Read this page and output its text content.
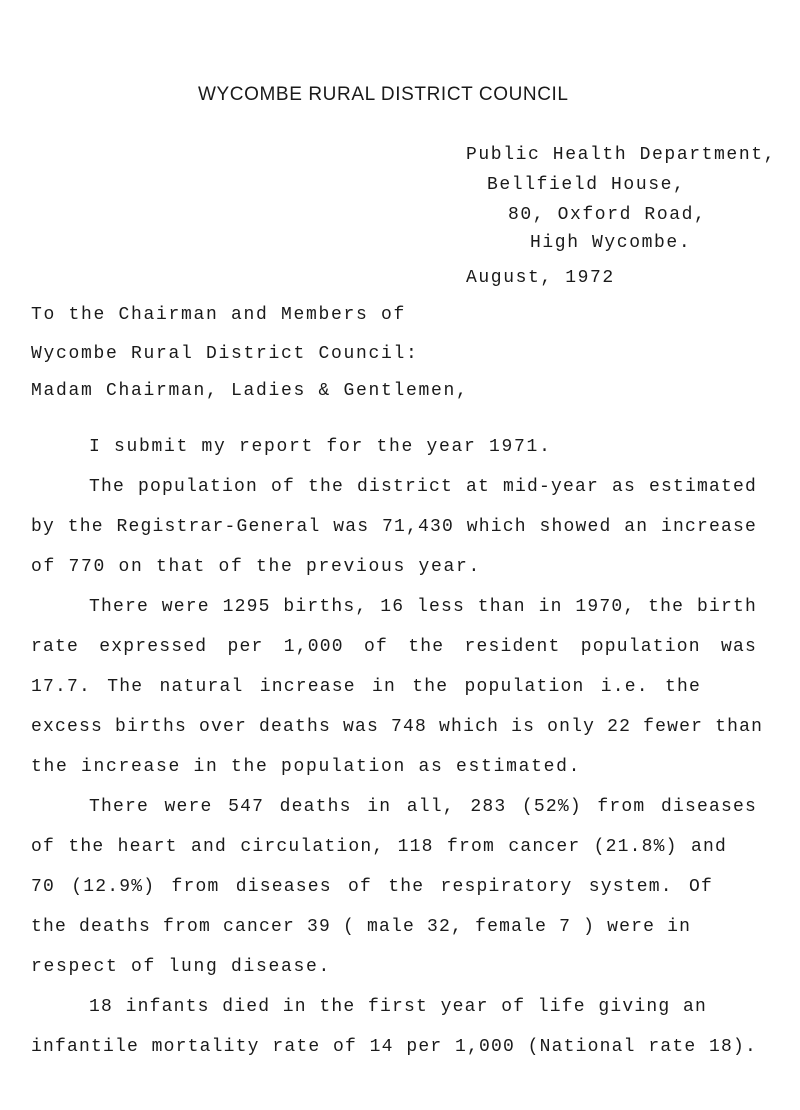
WYCOMBE RURAL DISTRICT COUNCIL
Public Health Department,
Bellfield House,
80, Oxford Road,
High Wycombe.
August, 1972
To the Chairman and Members of
Wycombe Rural District Council:
Madam Chairman, Ladies & Gentlemen,
I submit my report for the year 1971.
The population of the district at mid-year as estimated
by the Registrar-General was 71,430 which showed an increase
of 770 on that of the previous year.
There were 1295 births, 16 less than in 1970, the birth
rate expressed per 1,000 of the resident population was
17.7. The natural increase in the population i.e. the
excess births over deaths was 748 which is only 22 fewer than
the increase in the population as estimated.
There were 547 deaths in all, 283 (52%) from diseases
of the heart and circulation, 118 from cancer (21.8%) and
70 (12.9%) from diseases of the respiratory system. Of
the deaths from cancer 39 ( male 32, female 7 ) were in
respect of lung disease.
18 infants died in the first year of life giving an
infantile mortality rate of 14 per 1,000 (National rate 18).
